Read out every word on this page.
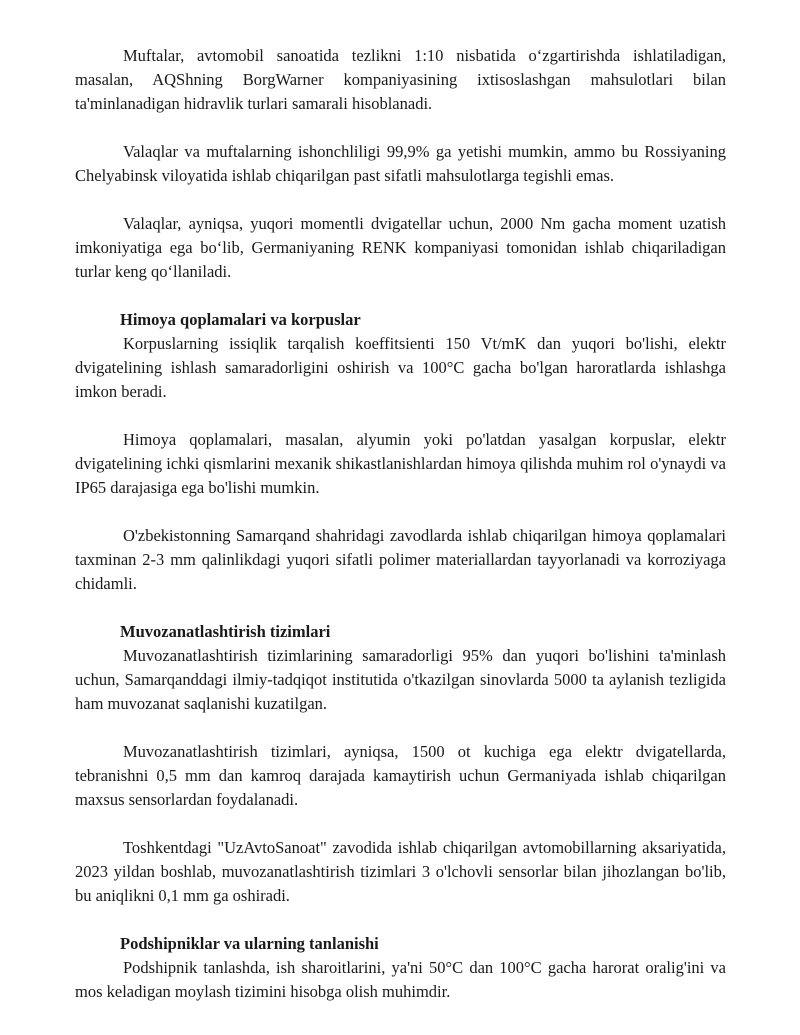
Muftalar, avtomobil sanoatida tezlikni 1:10 nisbatida o‘zgartirishda ishlatiladigan, masalan, AQShning BorgWarner kompaniyasining ixtisoslashgan mahsulotlari bilan ta'minlanadigan hidravlik turlari samarali hisoblanadi.

Valaqlar va muftalarning ishonchliligi 99,9% ga yetishi mumkin, ammo bu Rossiyaning Chelyabinsk viloyatida ishlab chiqarilgan past sifatli mahsulotlarga tegishli emas.

Valaqlar, ayniqsa, yuqori momentli dvigatellar uchun, 2000 Nm gacha moment uzatish imkoniyatiga ega bo‘lib, Germaniyaning RENK kompaniyasi tomonidan ishlab chiqariladigan turlar keng qo‘llaniladi.

Himoya qoplamalari va korpuslar

Korpuslarning issiqlik tarqalish koeffitsienti 150 Vt/mK dan yuqori bo'lishi, elektr dvigatelining ishlash samaradorligini oshirish va 100°C gacha bo'lgan haroratlarda ishlashga imkon beradi.

Himoya qoplamalari, masalan, alyumin yoki po'latdan yasalgan korpuslar, elektr dvigatelining ichki qismlarini mexanik shikastlanishlardan himoya qilishda muhim rol o'ynaydi va IP65 darajasiga ega bo'lishi mumkin.

O'zbekistonning Samarqand shahridagi zavodlarda ishlab chiqarilgan himoya qoplamalari taxminan 2-3 mm qalinlikdagi yuqori sifatli polimer materiallardan tayyorlanadi va korroziyaga chidamli.

Muvozanatlashtirish tizimlari

Muvozanatlashtirish tizimlarining samaradorligi 95% dan yuqori bo'lishini ta'minlash uchun, Samarqanddagi ilmiy-tadqiqot institutida o'tkazilgan sinovlarda 5000 ta aylanish tezligida ham muvozanat saqlanishi kuzatilgan.

Muvozanatlashtirish tizimlari, ayniqsa, 1500 ot kuchiga ega elektr dvigatellarda, tebranishni 0,5 mm dan kamroq darajada kamaytirish uchun Germaniyada ishlab chiqarilgan maxsus sensorlardan foydalanadi.

Toshkentdagi "UzAvtoSanoat" zavodida ishlab chiqarilgan avtomobillarning aksariyatida, 2023 yildan boshlab, muvozanatlashtirish tizimlari 3 o'lchovli sensorlar bilan jihozlangan bo'lib, bu aniqlikni 0,1 mm ga oshiradi.

Podshipniklar va ularning tanlanishi

Podshipnik tanlashda, ish sharoitlarini, ya'ni 50°C dan 100°C gacha harorat oralig'ini va mos keladigan moylash tizimini hisobga olish muhimdir.
